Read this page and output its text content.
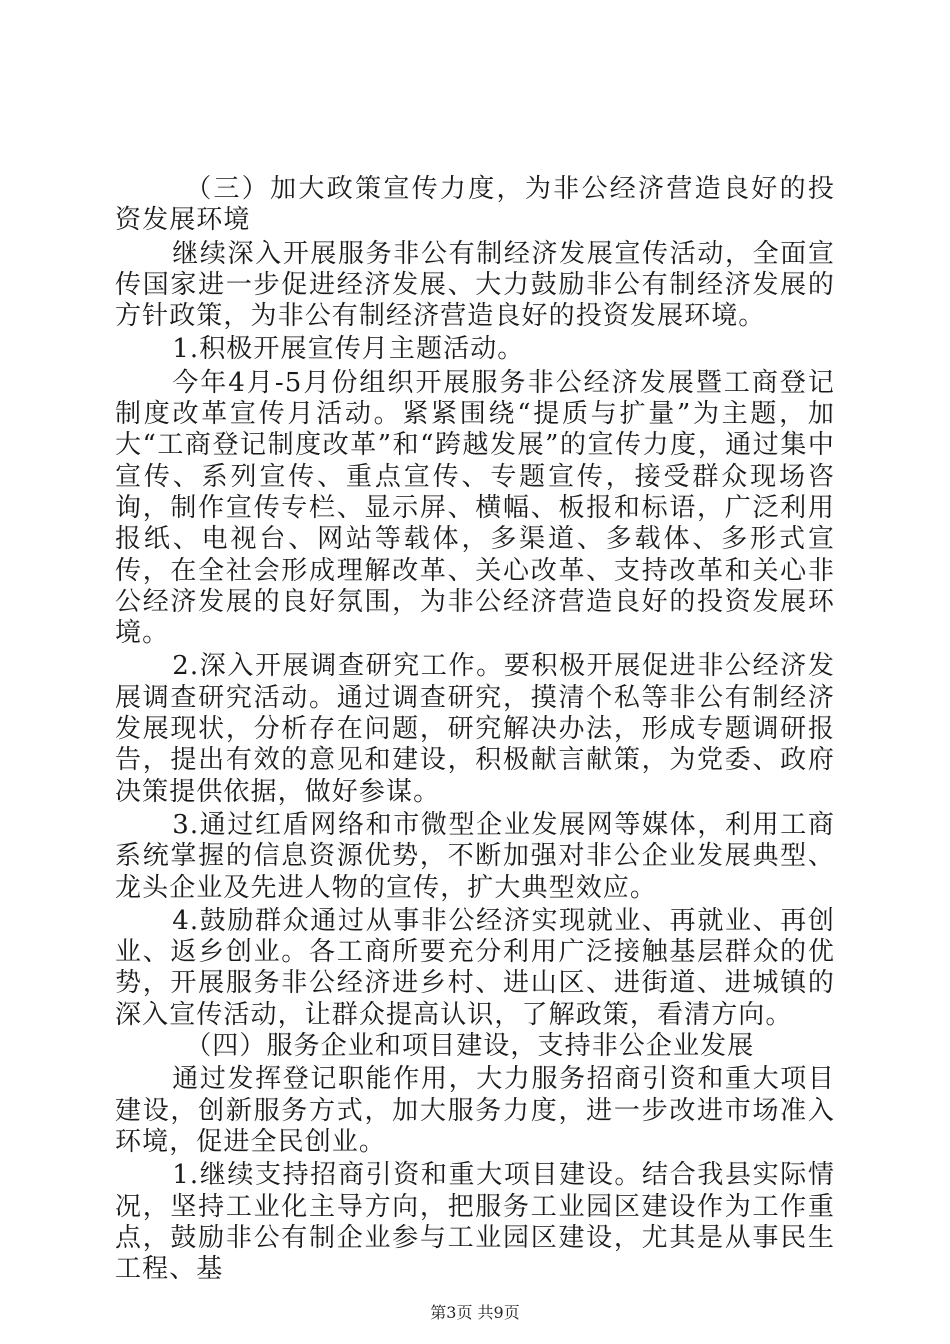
（三）加大政策宣传力度，为非公经济营造良好的投资发展环境

继续深入开展服务非公有制经济发展宣传活动，全面宣传国家进一步促进经济发展、大力鼓励非公有制经济发展的方针政策，为非公有制经济营造良好的投资发展环境。

1.积极开展宣传月主题活动。

今年4月-5月份组织开展服务非公经济发展暨工商登记制度改革宣传月活动。紧紧围绕“提质与扩量”为主题，加大“工商登记制度改革”和“跨越发展”的宣传力度，通过集中宣传、系列宣传、重点宣传、专题宣传，接受群众现场咨询，制作宣传专栏、显示屏、横幅、板报和标语，广泛利用报纸、电视台、网站等载体，多渠道、多载体、多形式宣传，在全社会形成理解改革、关心改革、支持改革和关心非公经济发展的良好氛围，为非公经济营造良好的投资发展环境。

2.深入开展调查研究工作。要积极开展促进非公经济发展调查研究活动。通过调查研究，摸清个私等非公有制经济发展现状，分析存在问题，研究解决办法，形成专题调研报告，提出有效的意见和建设，积极献言献策，为党委、政府决策提供依据，做好参谋。

3.通过红盾网络和市微型企业发展网等媒体，利用工商系统掌握的信息资源优势，不断加强对非公企业发展典型、龙头企业及先进人物的宣传，扩大典型效应。

4.鼓励群众通过从事非公经济实现就业、再就业、再创业、返乡创业。各工商所要充分利用广泛接触基层群众的优势，开展服务非公经济进乡村、进山区、进街道、进城镇的深入宣传活动，让群众提高认识，了解政策，看清方向。

（四）服务企业和项目建设，支持非公企业发展

通过发挥登记职能作用，大力服务招商引资和重大项目建设，创新服务方式，加大服务力度，进一步改进市场准入环境，促进全民创业。

1.继续支持招商引资和重大项目建设。结合我县实际情况，坚持工业化主导方向，把服务工业园区建设作为工作重点，鼓励非公有制企业参与工业园区建设，尤其是从事民生工程、基

第3页 共9页
